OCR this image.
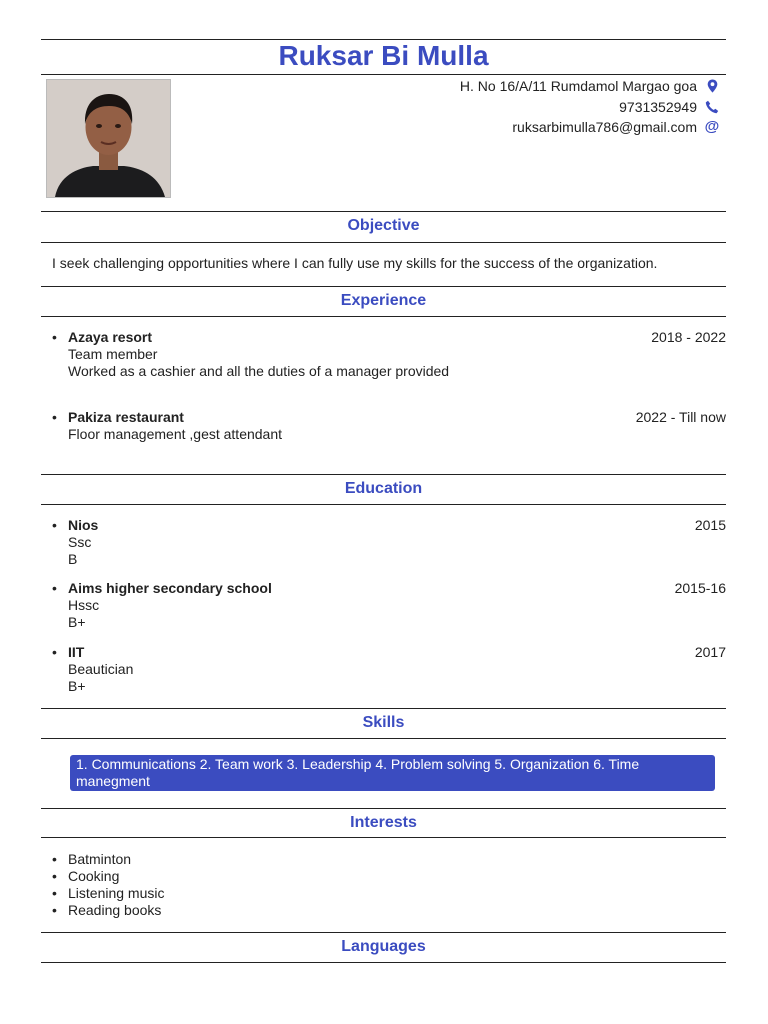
Ruksar Bi Mulla
H. No 16/A/11 Rumdamol Margao goa
9731352949
ruksarbimulla786@gmail.com @
Objective
I seek challenging opportunities where I can fully use my skills for the success of the organization.
Experience
• Azaya resort
Team member
Worked as a cashier and all the duties of a manager provided
2018 - 2022
• Pakiza restaurant
Floor management ,gest attendant
2022 - Till now
Education
• Nios
Ssc
B
2015
• Aims higher secondary school
Hssc
B+
2015-16
• IIT
Beautician
B+
2017
Skills
1. Communications 2. Team work 3. Leadership 4. Problem solving 5. Organization 6. Time manegment
Interests
• Batminton
• Cooking
• Listening music
• Reading books
Languages
